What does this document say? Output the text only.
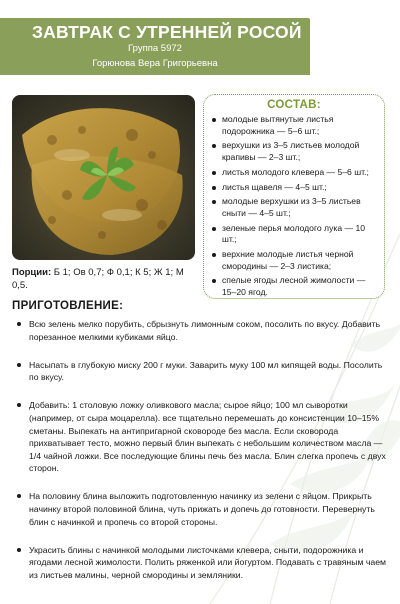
ЗАВТРАК С УТРЕННЕЙ РОСОЙ
Группа 5972
Горюнова Вера Григорьевна
Порции: Б 1; Ов 0,7; Ф 0,1; К 5; Ж 1; М 0,5.
СОСТАВ:
молодые вытянутые листья подорожника — 5–6 шт.;
верхушки из 3–5 листьев молодой крапивы — 2–3 шт.;
листья молодого клевера — 5–6 шт.;
листья щавеля — 4–5 шт.;
молодые верхушки из 3–5 листьев сныти — 4–5 шт.;
зеленые перья молодого лука — 10 шт.;
верхние молодые листья черной смородины — 2–3 листика;
спелые ягоды лесной жимолости — 15–20 ягод.
ПРИГОТОВЛЕНИЕ:
Всю зелень мелко порубить, сбрызнуть лимонным соком, посолить по вкусу. Добавить порезанное мелкими кубиками яйцо.
Насыпать в глубокую миску 200 г муки. Заварить муку 100 мл кипящей воды. Посолить по вкусу.
Добавить: 1 столовую ложку оливкового масла; сырое яйцо; 100 мл сыворотки (например, от сыра моцарелла). все тщательно перемешать до консистенции 10–15% сметаны. Выпекать на антипригарной сковороде без масла. Если сковорода прихватывает тесто, можно первый блин выпекать с небольшим количеством масла — 1/4 чайной ложки. Все последующие блины печь без масла. Блин слегка пропечь с двух сторон.
На половину блина выложить подготовленную начинку из зелени с яйцом. Прикрыть начинку второй половиной блина, чуть прижать и допечь до готовности. Перевернуть блин с начинкой и пропечь со второй стороны.
Украсить блины с начинкой молодыми листочками клевера, сныти, подорожника и ягодами лесной жимолости. Полить ряженкой или йогуртом. Подавать с травяным чаем из листьев малины, черной смородины и земляники.
